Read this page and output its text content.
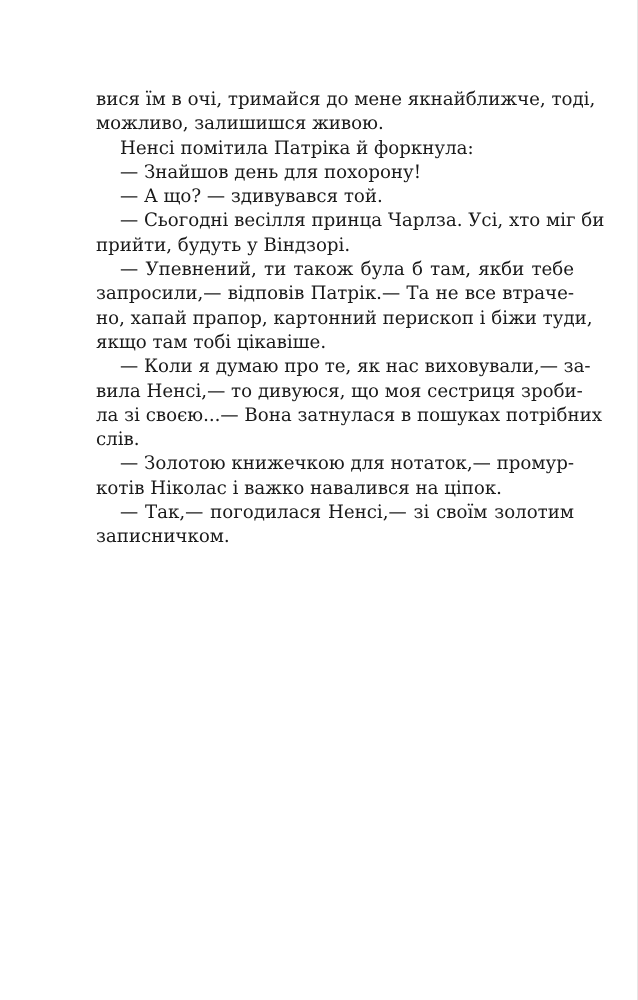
вися їм в очі, тримайся до мене якнайближче, тоді,
можливо, залишишся живою.
Ненсі помітила Патріка й форкнула:
— Знайшов день для похорону!
— А що? — здивувався той.
— Сьогодні весілля принца Чарлза. Усі, хто міг би
прийти, будуть у Віндзорі.
— Упевнений, ти також була б там, якби тебе
запросили,— відповів Патрік.— Та не все втраче-
но, хапай прапор, картонний перископ і біжи туди,
якщо там тобі цікавіше.
— Коли я думаю про те, як нас виховували,— за-
вила Ненсі,— то дивуюся, що моя сестриця зроби-
ла зі своєю...— Вона затнулася в пошуках потрібних
слів.
— Золотою книжечкою для нотаток,— промур-
котів Ніколас і важко навалився на ціпок.
— Так,— погодилася Ненсі,— зі своїм золотим
записничком.
